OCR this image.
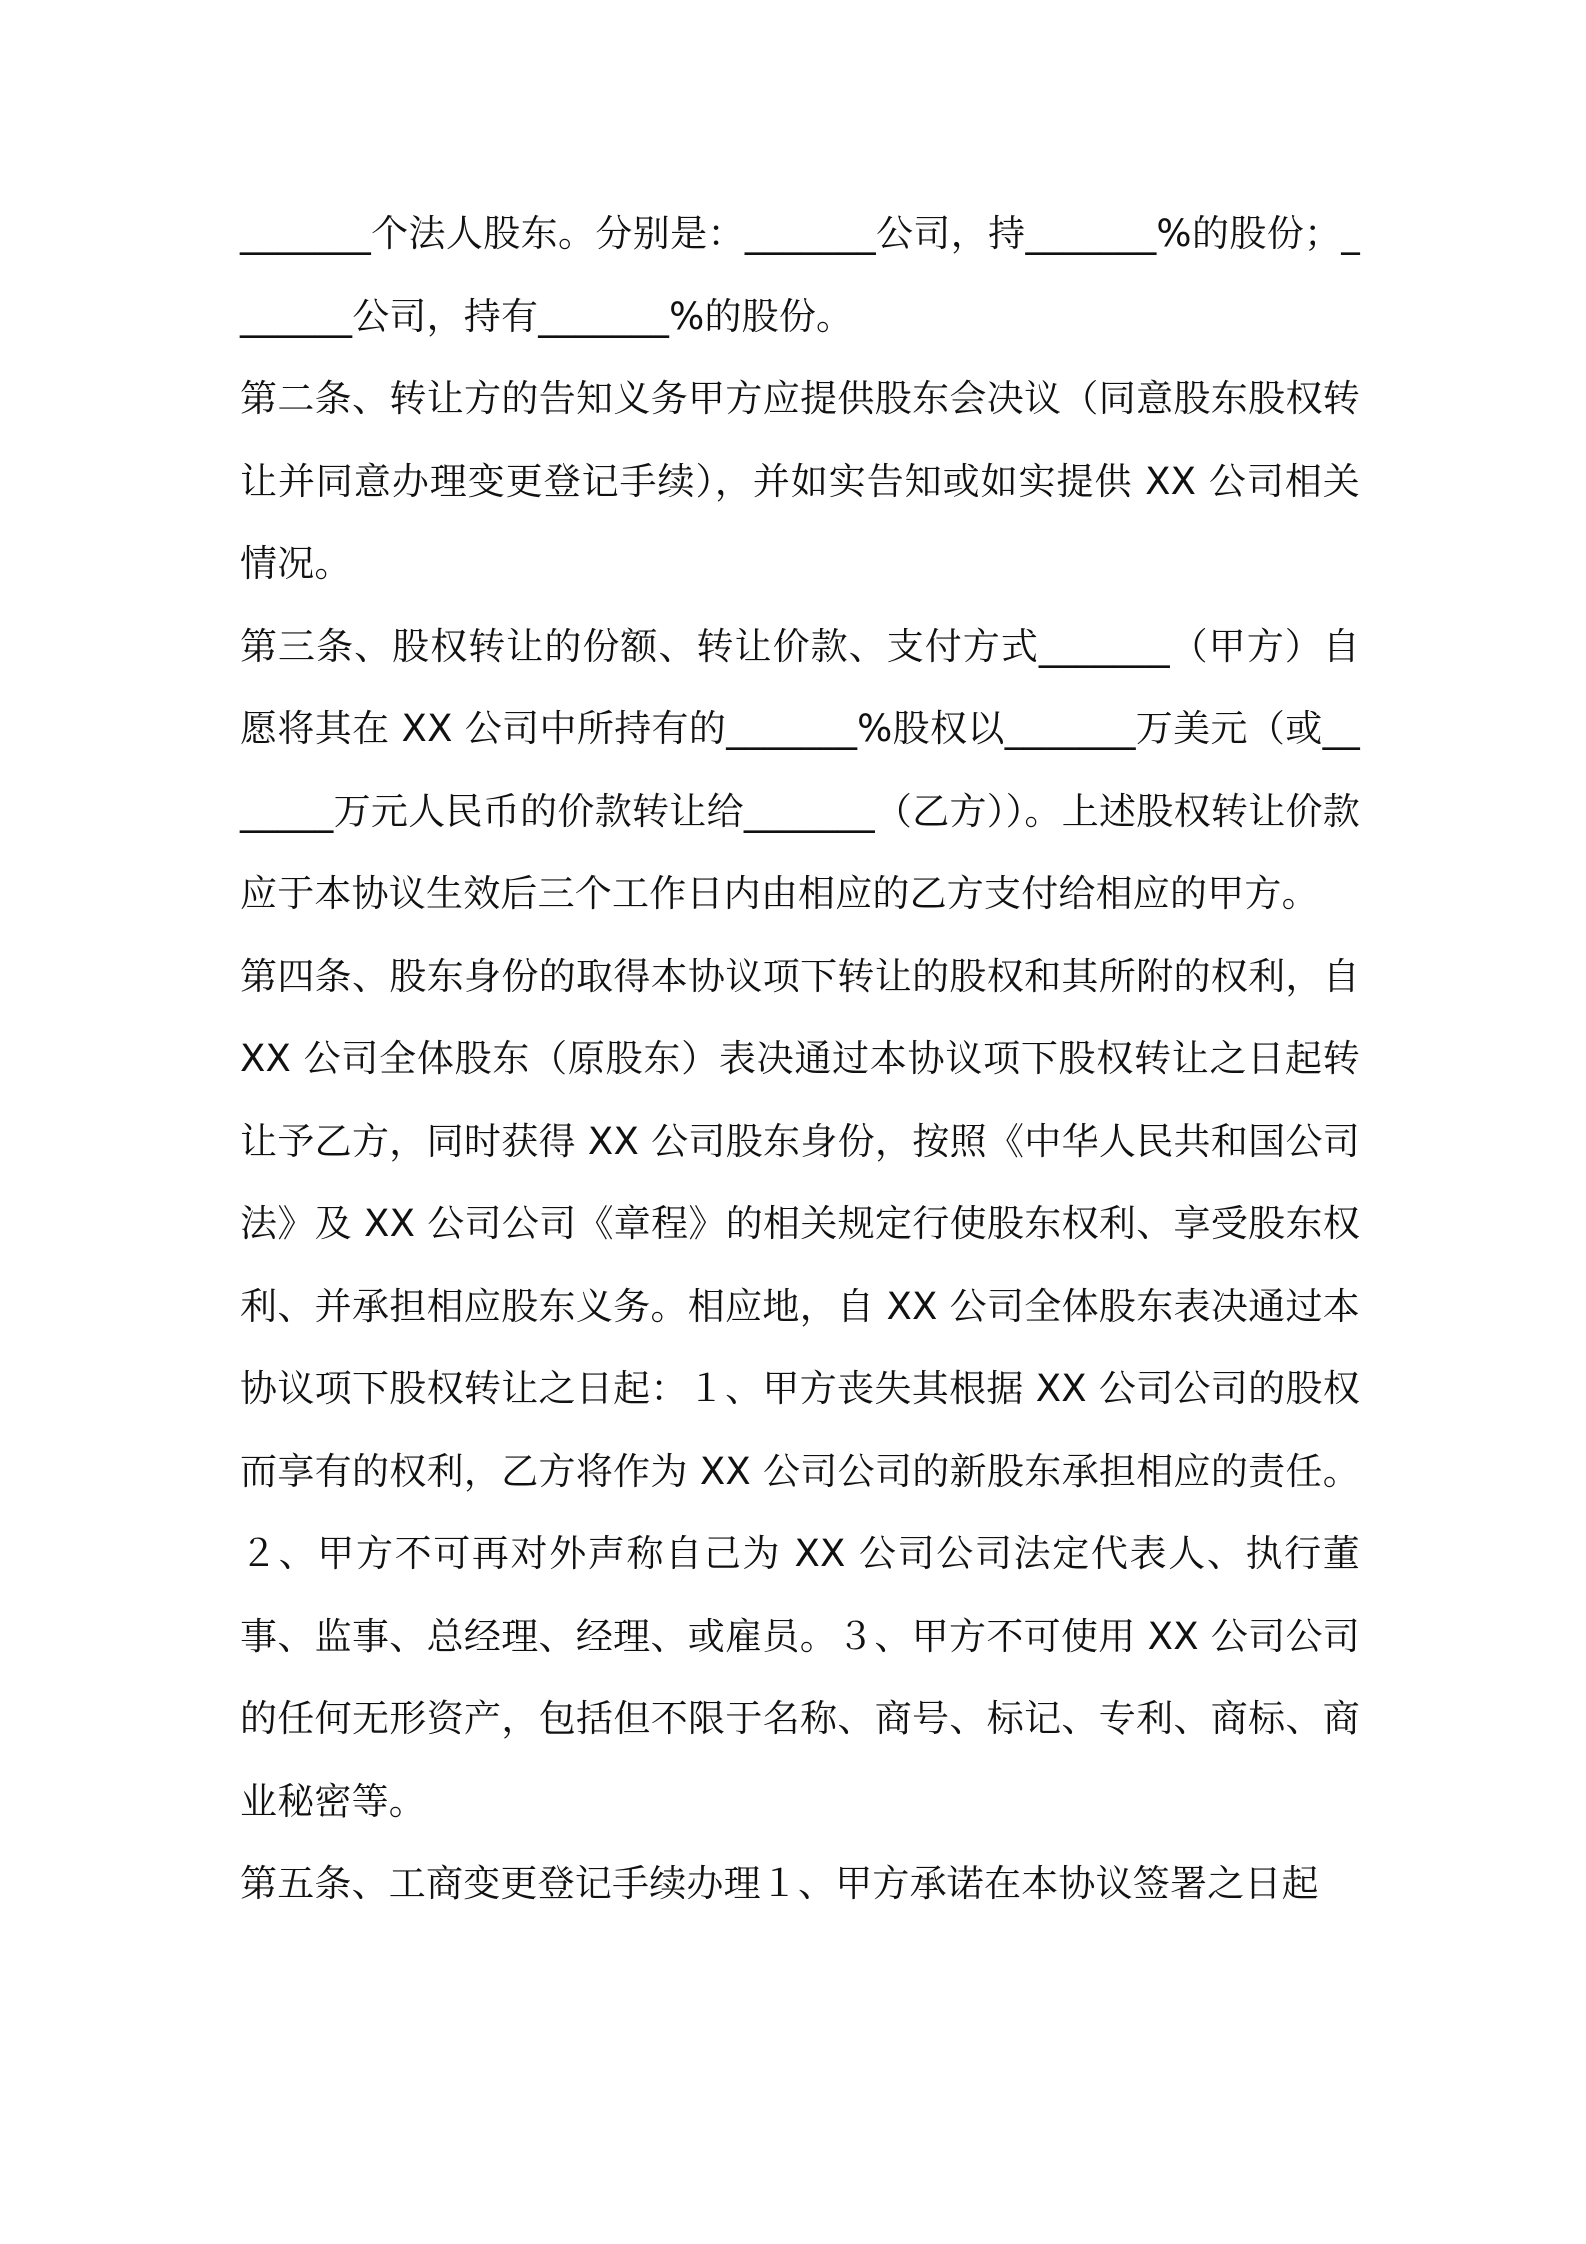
_______个法人股东。分别是：_______公司，持_______%的股份；_______公司，持有_______%的股份。

第二条、转让方的告知义务甲方应提供股东会决议（同意股东股权转让并同意办理变更登记手续），并如实告知或如实提供 XX 公司相关情况。

第三条、股权转让的份额、转让价款、支付方式_______（甲方）自愿将其在 XX 公司中所持有的_______%股权以_______万美元（或_______万元人民币的价款转让给_______（乙方））。上述股权转让价款应于本协议生效后三个工作日内由相应的乙方支付给相应的甲方。

第四条、股东身份的取得本协议项下转让的股权和其所附的权利，自 XX 公司全体股东（原股东）表决通过本协议项下股权转让之日起转让予乙方，同时获得 XX 公司股东身份，按照《中华人民共和国公司法》及 XX 公司公司《章程》的相关规定行使股东权利、享受股东权利、并承担相应股东义务。相应地，自 XX 公司全体股东表决通过本协议项下股权转让之日起：１、甲方丧失其根据 XX 公司公司的股权而享有的权利，乙方将作为 XX 公司公司的新股东承担相应的责任。２、甲方不可再对外声称自己为 XX 公司公司法定代表人、执行董事、监事、总经理、经理、或雇员。３、甲方不可使用 XX 公司公司的任何无形资产，包括但不限于名称、商号、标记、专利、商标、商业秘密等。

第五条、工商变更登记手续办理１、甲方承诺在本协议签署之日起
